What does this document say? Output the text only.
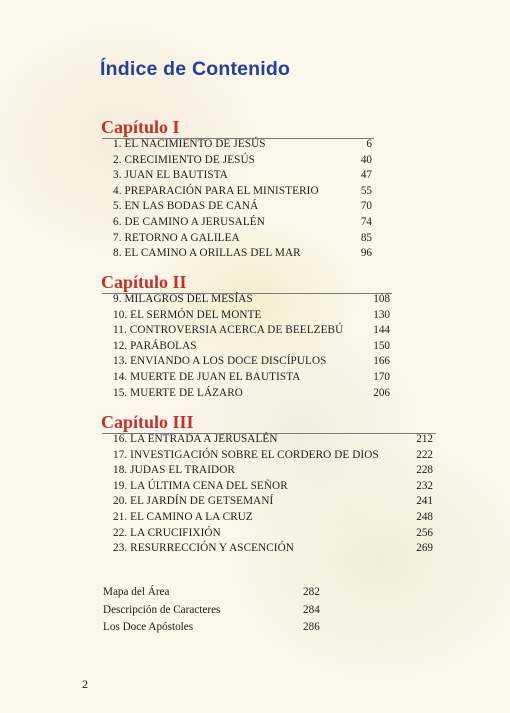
Índice de Contenido
Capítulo I
1. EL NACIMIENTO DE JESÚS	6
2. CRECIMIENTO DE JESÚS	40
3. JUAN EL BAUTISTA	47
4. PREPARACIÓN PARA EL MINISTERIO	55
5. EN LAS BODAS DE CANÁ	70
6. DE CAMINO A JERUSALÉN	74
7. RETORNO A GALILEA	85
8. EL CAMINO A ORILLAS DEL MAR	96
Capítulo II
9. MILAGROS DEL MESÍAS	108
10. EL SERMÓN DEL MONTE	130
11. CONTROVERSIA ACERCA DE BEELZEBÚ	144
12. PARÁBOLAS	150
13. ENVIANDO A LOS DOCE DISCÍPULOS	166
14. MUERTE DE JUAN EL BAUTISTA	170
15. MUERTE DE LÁZARO	206
Capítulo III
16. LA ENTRADA A JERUSALÉN	212
17. INVESTIGACIÓN SOBRE EL CORDERO DE DIOS	222
18. JUDAS EL TRAIDOR	228
19. LA ÚLTIMA CENA DEL SEÑOR	232
20. EL JARDÍN DE GETSEMANÍ	241
21. EL CAMINO A LA CRUZ	248
22. LA CRUCIFIXIÓN	256
23. RESURRECCIÓN Y ASCENCIÓN	269
Mapa del Área	282
Descripción de Caracteres	284
Los Doce Apóstoles	286
2
